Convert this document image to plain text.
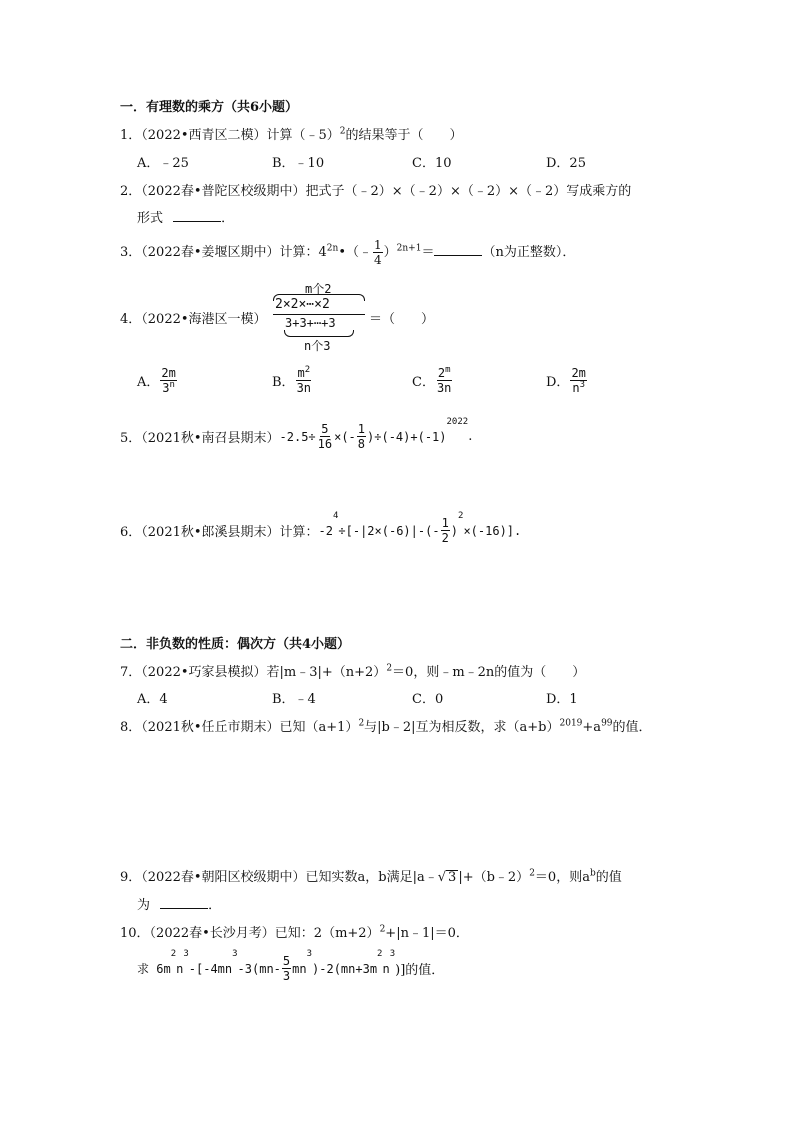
一．有理数的乘方（共6小题）
1．（2022•西青区二模）计算（﹣5）$^2$的结果等于（　　）
A．﹣25	B．﹣10	C．10	D．25
2．（2022春•普陀区校级期中）把式子（﹣2）×（﹣2）×（﹣2）×（﹣2）写成乘方的
形式	．
3．（2022春•姜堰区期中）计算：$4^{2n}•(﹣ \frac{1}{4} )^{2n+1}=$	（n为正整数）．
4．（2022•海港区一模）
m个2
2×2×⋯×2
3+3+⋯+3
n个3
＝（　　）
A． $\frac{2m}{3^n}$	B． $\frac{m^2}{3n}$	C． $\frac{2^m}{3n}$	D． $\frac{2m}{n^3}$
5．（2021秋•南召县期末） $-2.5\div \frac{5}{16}$ ×(- $\frac{1}{8} )\div(-4)+(-1)$
2022
.
6．（2021秋•郎溪县期末）计算： -2
4
$\div[-|2\times(-6)|-(- \frac{1}{2}$ )
2
×(-16)].
二．非负数的性质：偶次方（共4小题）
7．（2022•巧家县模拟）若$|m﹣3|+(n+2)^2=0$，则﹣m﹣2n的值为（　　）
A．4	B．﹣4	C．0	D．1
8．（2021秋•任丘市期末）已知$(a+1)^2$与|b﹣2|互为相反数，求$(a+b)^{2019}+a^{99}$的值．
9．（2022春•朝阳区校级期中）已知实数a，b满足|a﹣√ 3 |+（b﹣2）$^2$＝0，则$a^b$的值
为	．
10．（2022春•长沙月考）已知：$2(m+2)^2+|n﹣1|=0$．
求 6m
2
n
3
-[-4mn
3
$-3(mn- \frac{5}{3}$ mn
3
)-2(mn+3m
2
n
3
)]的值．
